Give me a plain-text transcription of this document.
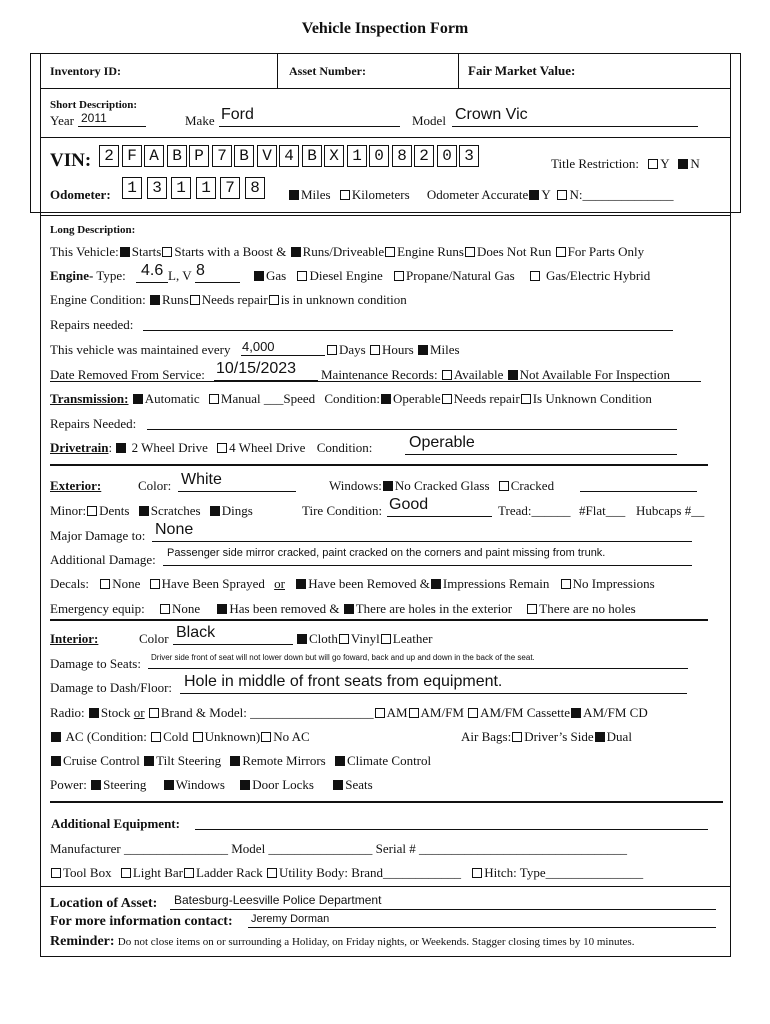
Vehicle Inspection Form
Inventory ID:	Asset Number:	Fair Market Value:
Short Description:
Year 2011	Make Ford	Model Crown Vic
VIN: 2 F A B P 7 B V 4 B X 1 0 8 2 0 3	Title Restriction: Y N
Odometer:	1 3 1 1 7 8	Miles Kilometers Odometer Accurate Y N:______________
Long Description:
This Vehicle: Starts Starts with a Boost & Runs/Driveable Engine Runs Does Not Run For Parts Only
Engine- Type: 4.6 L, V 8	Gas Diesel Engine Propane/Natural Gas Gas/Electric Hybrid
Engine Condition: Runs Needs repair is in unknown condition
Repairs needed:
This vehicle was maintained every 4,000	Days Hours Miles
Date Removed From Service: 10/15/2023 Maintenance Records: Available Not Available For Inspection
Transmission: Automatic Manual ___Speed Condition: Operable Needs repair Is Unknown Condition
Repairs Needed:
Drivetrain:  2 Wheel Drive 4 Wheel Drive Condition: Operable
Exterior:	Color: White	Windows: No Cracked Glass Cracked
Minor: Dents Scratches Dings	Tire Condition: Good	Tread:______ #Flat___ Hubcaps #__
Major Damage to: None
Additional Damage: Passenger side mirror cracked, paint cracked on the corners and paint missing from trunk.
Decals: None Have Been Sprayed or Have been Removed & Impressions Remain No Impressions
Emergency equip: None Has been removed & There are holes in the exterior There are no holes
Interior:	Color Black	Cloth Vinyl Leather
Damage to Seats: Driver side front of seat will not lower down but will go foward, back and up and down in the back of the seat.
Damage to Dash/Floor: Hole in middle of front seats from equipment.
Radio: Stock or Brand & Model: ___________________ AM AM/FM AM/FM Cassette AM/FM CD
AC (Condition: Cold Unknown) No AC	Air Bags: Driver’s Side Dual
Cruise Control Tilt Steering Remote Mirrors Climate Control
Power: Steering Windows Door Locks Seats
Additional Equipment:
Manufacturer ________________ Model ________________ Serial # ________________________________
Tool Box Light Bar Ladder Rack Utility Body: Brand____________ Hitch: Type_______________
Location of Asset: Batesburg-Leesville Police Department
For more information contact: Jeremy Dorman
Reminder: Do not close items on or surrounding a Holiday, on Friday nights, or Weekends. Stagger closing times by 10 minutes.
